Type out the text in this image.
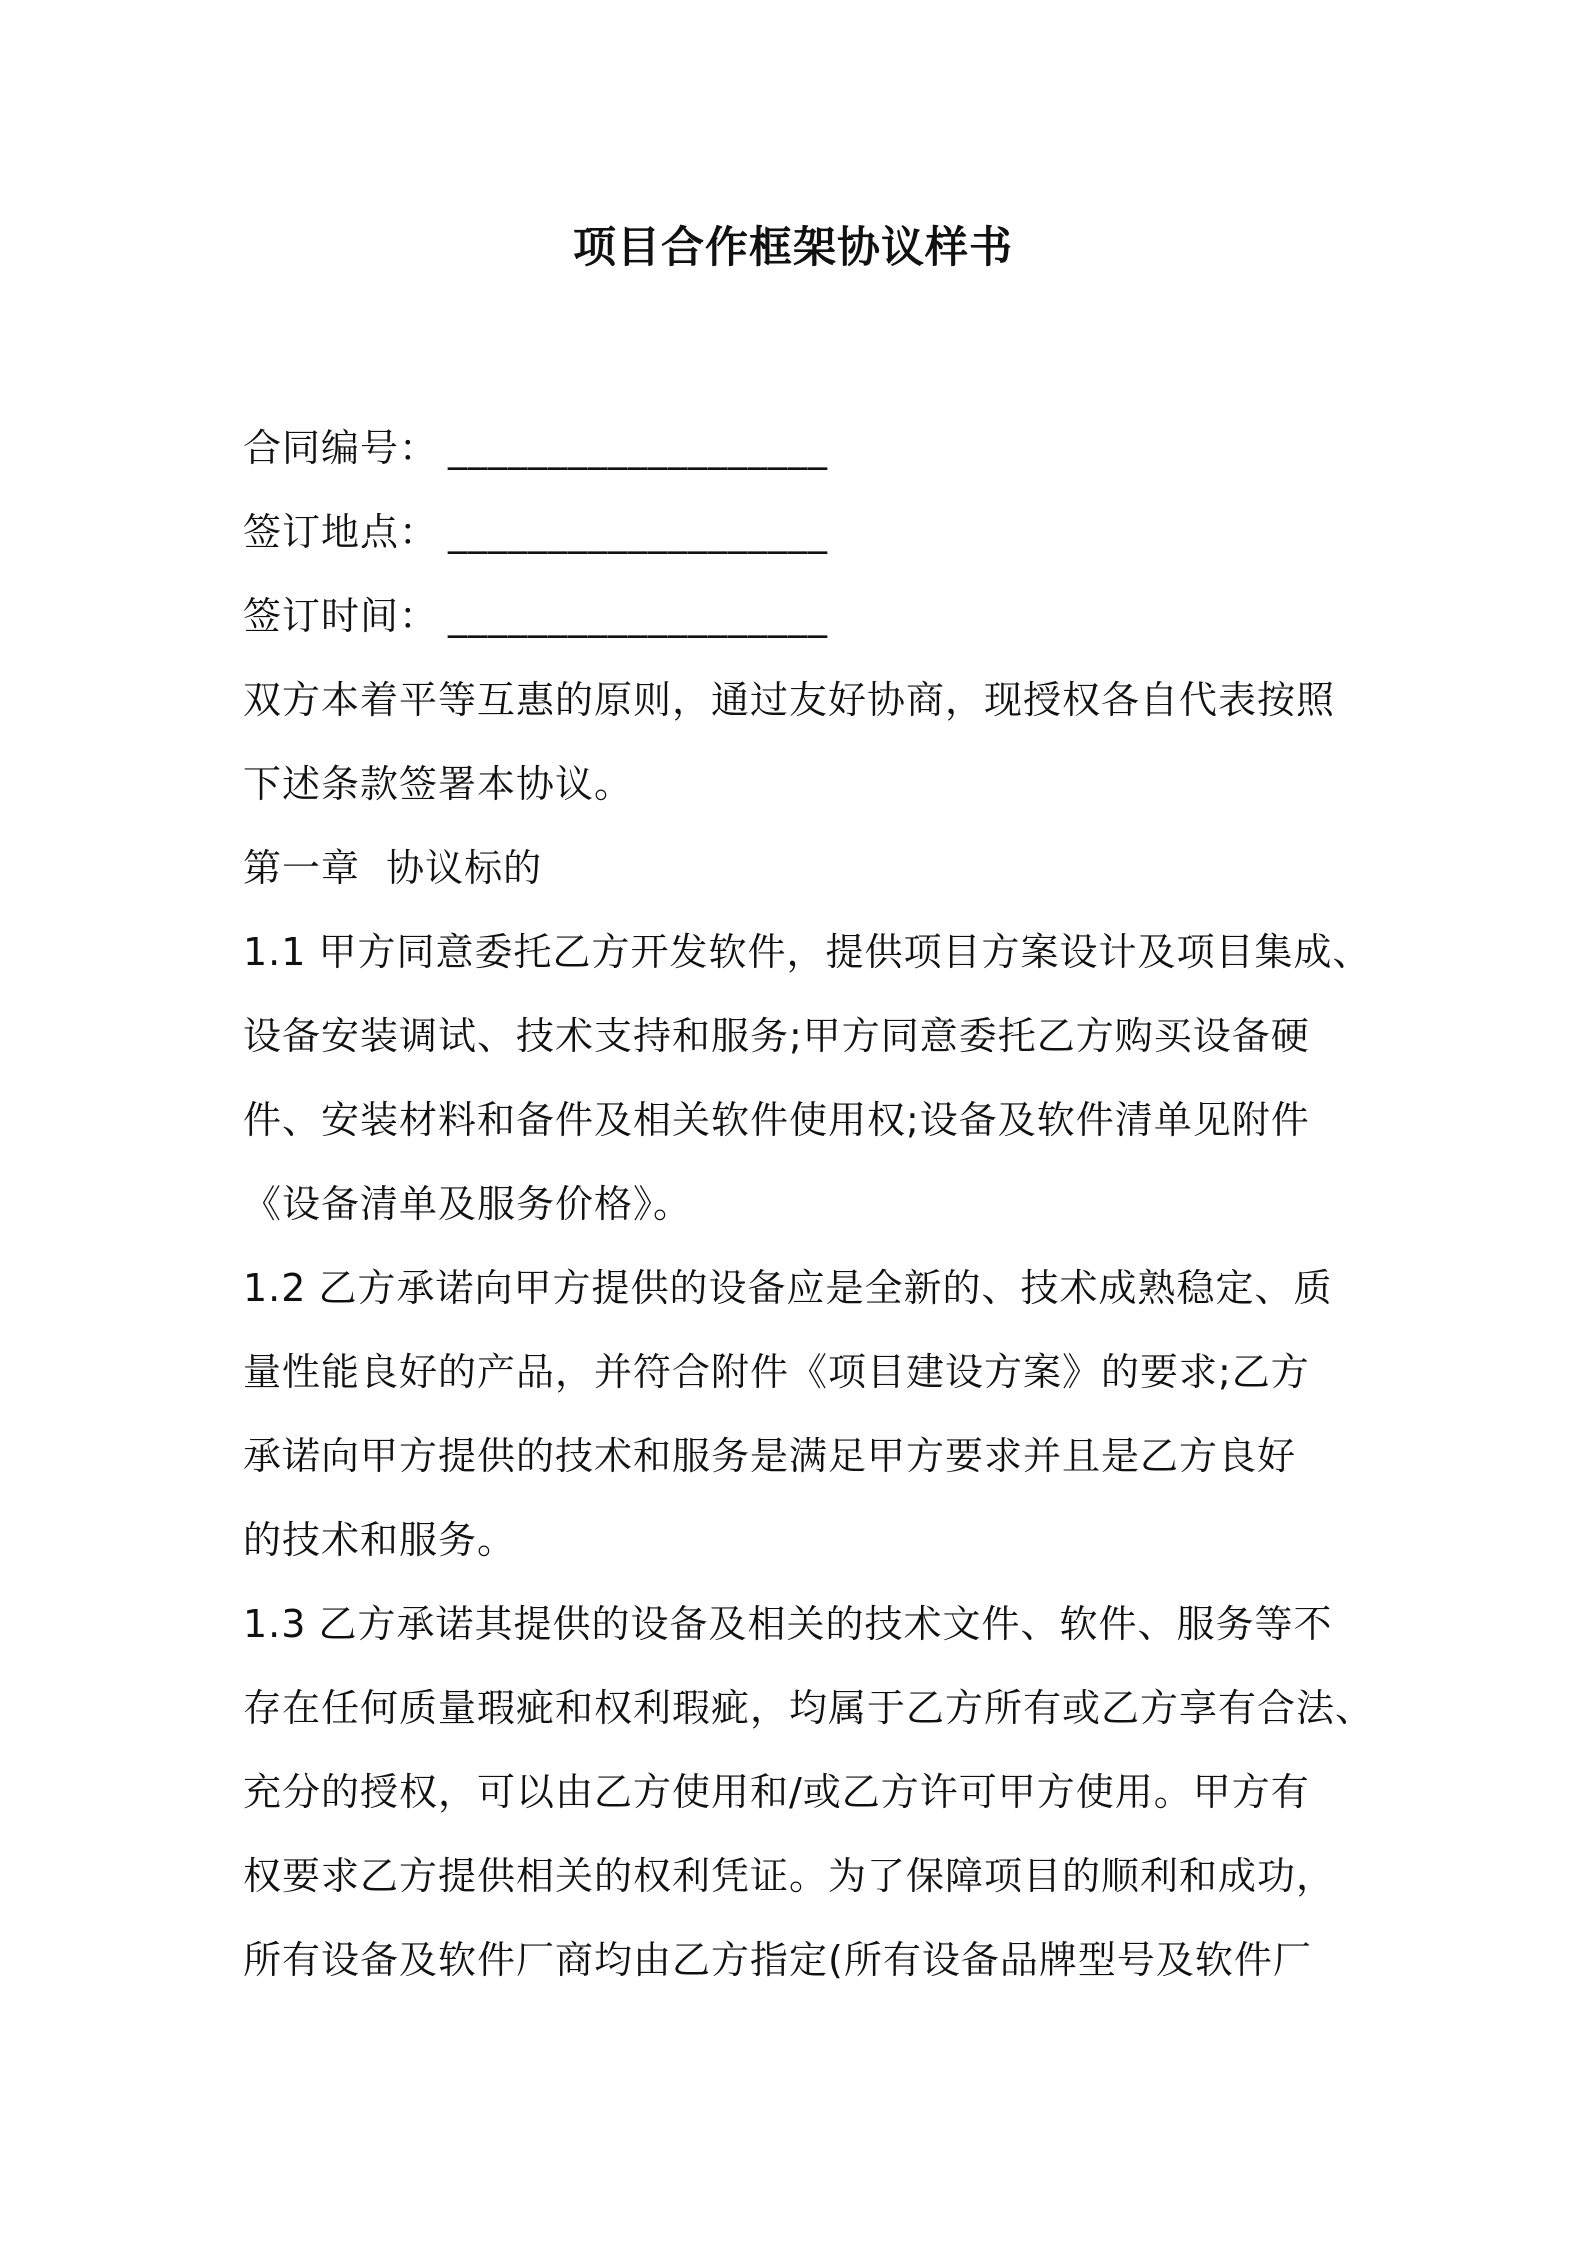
项目合作框架协议样书
合同编号： ___________________
签订地点： ___________________
签订时间： ___________________
双方本着平等互惠的原则，通过友好协商，现授权各自代表按照
下述条款签署本协议。
第一章  协议标的
1.1 甲方同意委托乙方开发软件，提供项目方案设计及项目集成、
设备安装调试、技术支持和服务;甲方同意委托乙方购买设备硬
件、安装材料和备件及相关软件使用权;设备及软件清单见附件
《设备清单及服务价格》。
1.2 乙方承诺向甲方提供的设备应是全新的、技术成熟稳定、质
量性能良好的产品，并符合附件《项目建设方案》的要求;乙方
承诺向甲方提供的技术和服务是满足甲方要求并且是乙方良好
的技术和服务。
1.3 乙方承诺其提供的设备及相关的技术文件、软件、服务等不
存在任何质量瑕疵和权利瑕疵，均属于乙方所有或乙方享有合法、
充分的授权，可以由乙方使用和/或乙方许可甲方使用。甲方有
权要求乙方提供相关的权利凭证。为了保障项目的顺利和成功，
所有设备及软件厂商均由乙方指定(所有设备品牌型号及软件厂
